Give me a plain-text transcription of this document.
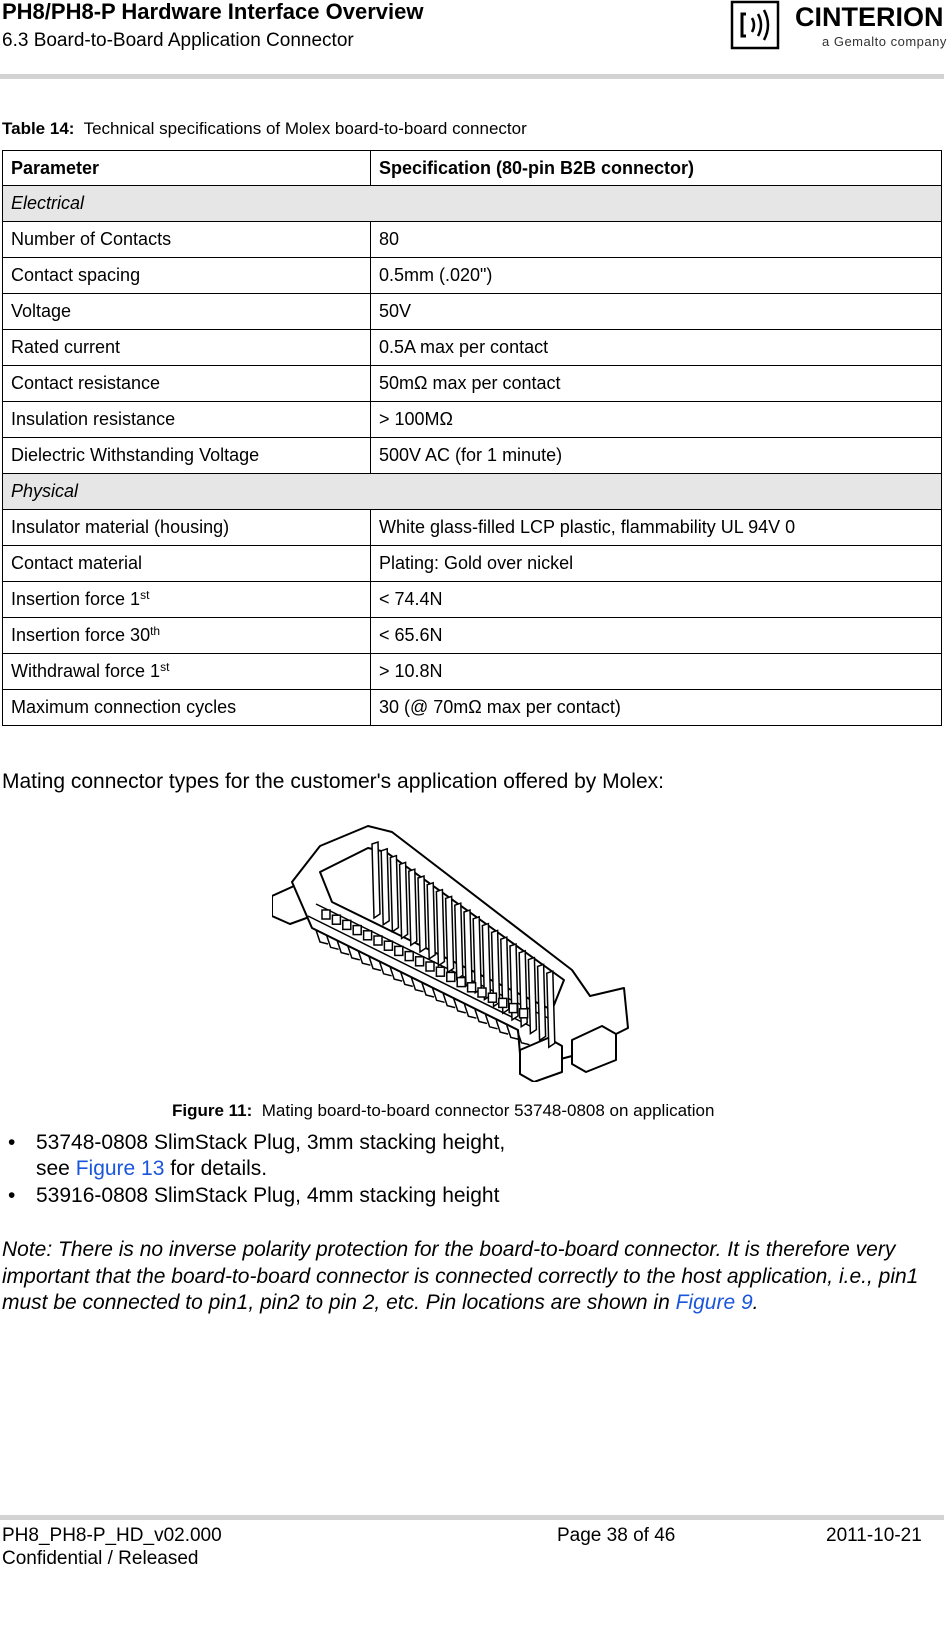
PH8/PH8-P Hardware Interface Overview
6.3 Board-to-Board Application Connector
CINTERION
a Gemalto company
Table 14: Technical specifications of Molex board-to-board connector
Parameter	Specification (80-pin B2B connector)
Electrical	
Number of Contacts	80
Contact spacing	0.5mm (.020")
Voltage	50V
Rated current	0.5A max per contact
Contact resistance	50mΩ max per contact
Insulation resistance	> 100MΩ
Dielectric Withstanding Voltage	500V AC (for 1 minute)
Physical	
Insulator material (housing)	White glass-filled LCP plastic, flammability UL 94V 0
Contact material	Plating: Gold over nickel
Insertion force 1st	< 74.4N
Insertion force 30th	< 65.6N
Withdrawal force 1st	> 10.8N
Maximum connection cycles	30 (@ 70mΩ max per contact)
Mating connector types for the customer's application offered by Molex:
Figure 11: Mating board-to-board connector 53748-0808 on application
• 53748-0808 SlimStack Plug, 3mm stacking height,
see Figure 13 for details.
• 53916-0808 SlimStack Plug, 4mm stacking height
Note: There is no inverse polarity protection for the board-to-board connector. It is therefore very important that the board-to-board connector is connected correctly to the host application, i.e., pin1 must be connected to pin1, pin2 to pin 2, etc. Pin locations are shown in Figure 9.
PH8_PH8-P_HD_v02.000	Page 38 of 46	2011-10-21
Confidential / Released
